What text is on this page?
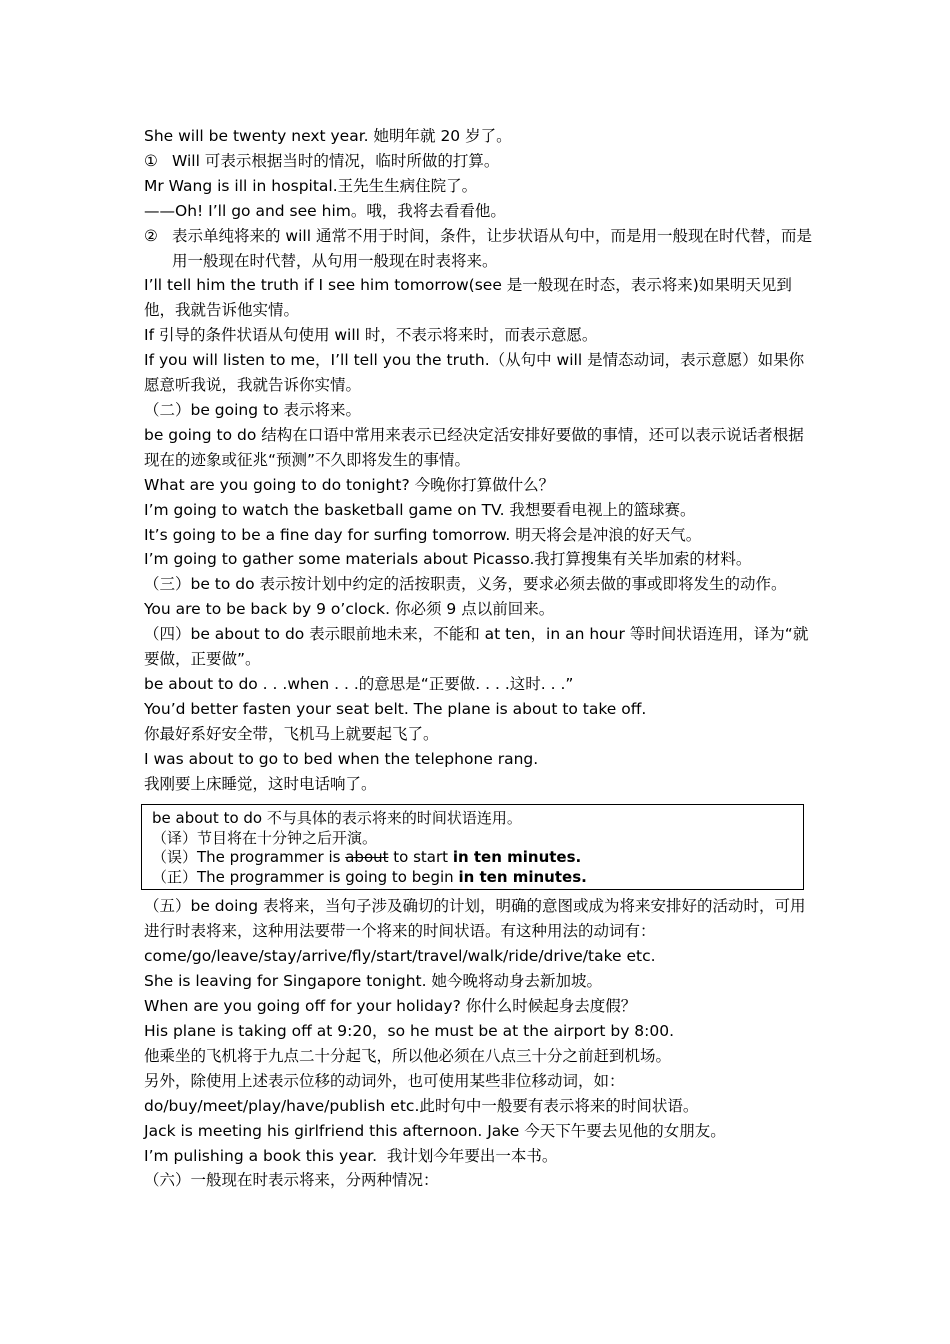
She will be twenty next year. 她明年就 20 岁了。

① Will 可表示根据当时的情况，临时所做的打算。

Mr Wang is ill in hospital.王先生生病住院了。

——Oh! I’ll go and see him。哦，我将去看看他。

② 表示单纯将来的 will 通常不用于时间，条件，让步状语从句中，而是用一般现在时代替，而是用一般现在时代替，从句用一般现在时表将来。

I’ll tell him the truth if I see him tomorrow(see 是一般现在时态，表示将来)如果明天见到他，我就告诉他实情。

If 引导的条件状语从句使用 will 时，不表示将来时，而表示意愿。

If you will listen to me，I’ll tell you the truth.（从句中 will 是情态动词，表示意愿）如果你愿意听我说，我就告诉你实情。

（二）be going to 表示将来。

be going to do 结构在口语中常用来表示已经决定活安排好要做的事情，还可以表示说话者根据现在的迹象或征兆“预测”不久即将发生的事情。

What are you going to do tonight? 今晚你打算做什么？

I’m going to watch the basketball game on TV. 我想要看电视上的篮球赛。

It’s going to be a fine day for surfing tomorrow. 明天将会是冲浪的好天气。

I’m going to gather some materials about Picasso.我打算搜集有关毕加索的材料。

（三）be to do 表示按计划中约定的活按职责，义务，要求必须去做的事或即将发生的动作。

You are to be back by 9 o’clock. 你必须 9 点以前回来。

（四）be about to do 表示眼前地未来，不能和 at ten，in an hour 等时间状语连用，译为“就要做，正要做”。

be about to do . . .when . . .的意思是“正要做. . . .这时. . .”

You’d better fasten your seat belt. The plane is about to take off.

你最好系好安全带，飞机马上就要起飞了。

I was about to go to bed when the telephone rang.

我刚要上床睡觉，这时电话响了。

be about to do 不与具体的表示将来的时间状语连用。

（译）节目将在十分钟之后开演。

（误）The programmer is about to start in ten minutes.

（正）The programmer is going to begin in ten minutes.

（五）be doing 表将来，当句子涉及确切的计划，明确的意图或成为将来安排好的活动时，可用进行时表将来，这种用法要带一个将来的时间状语。有这种用法的动词有：come/go/leave/stay/arrive/fly/start/travel/walk/ride/drive/take etc.

She is leaving for Singapore tonight. 她今晚将动身去新加坡。

When are you going off for your holiday? 你什么时候起身去度假？

His plane is taking off at 9:20，so he must be at the airport by 8:00.

他乘坐的飞机将于九点二十分起飞，所以他必须在八点三十分之前赶到机场。

另外，除使用上述表示位移的动词外，也可使用某些非位移动词，如：do/buy/meet/play/have/publish etc.此时句中一般要有表示将来的时间状语。

Jack is meeting his girlfriend this afternoon. Jake 今天下午要去见他的女朋友。

I’m pulishing a book this year.  我计划今年要出一本书。

（六）一般现在时表示将来，分两种情况：
